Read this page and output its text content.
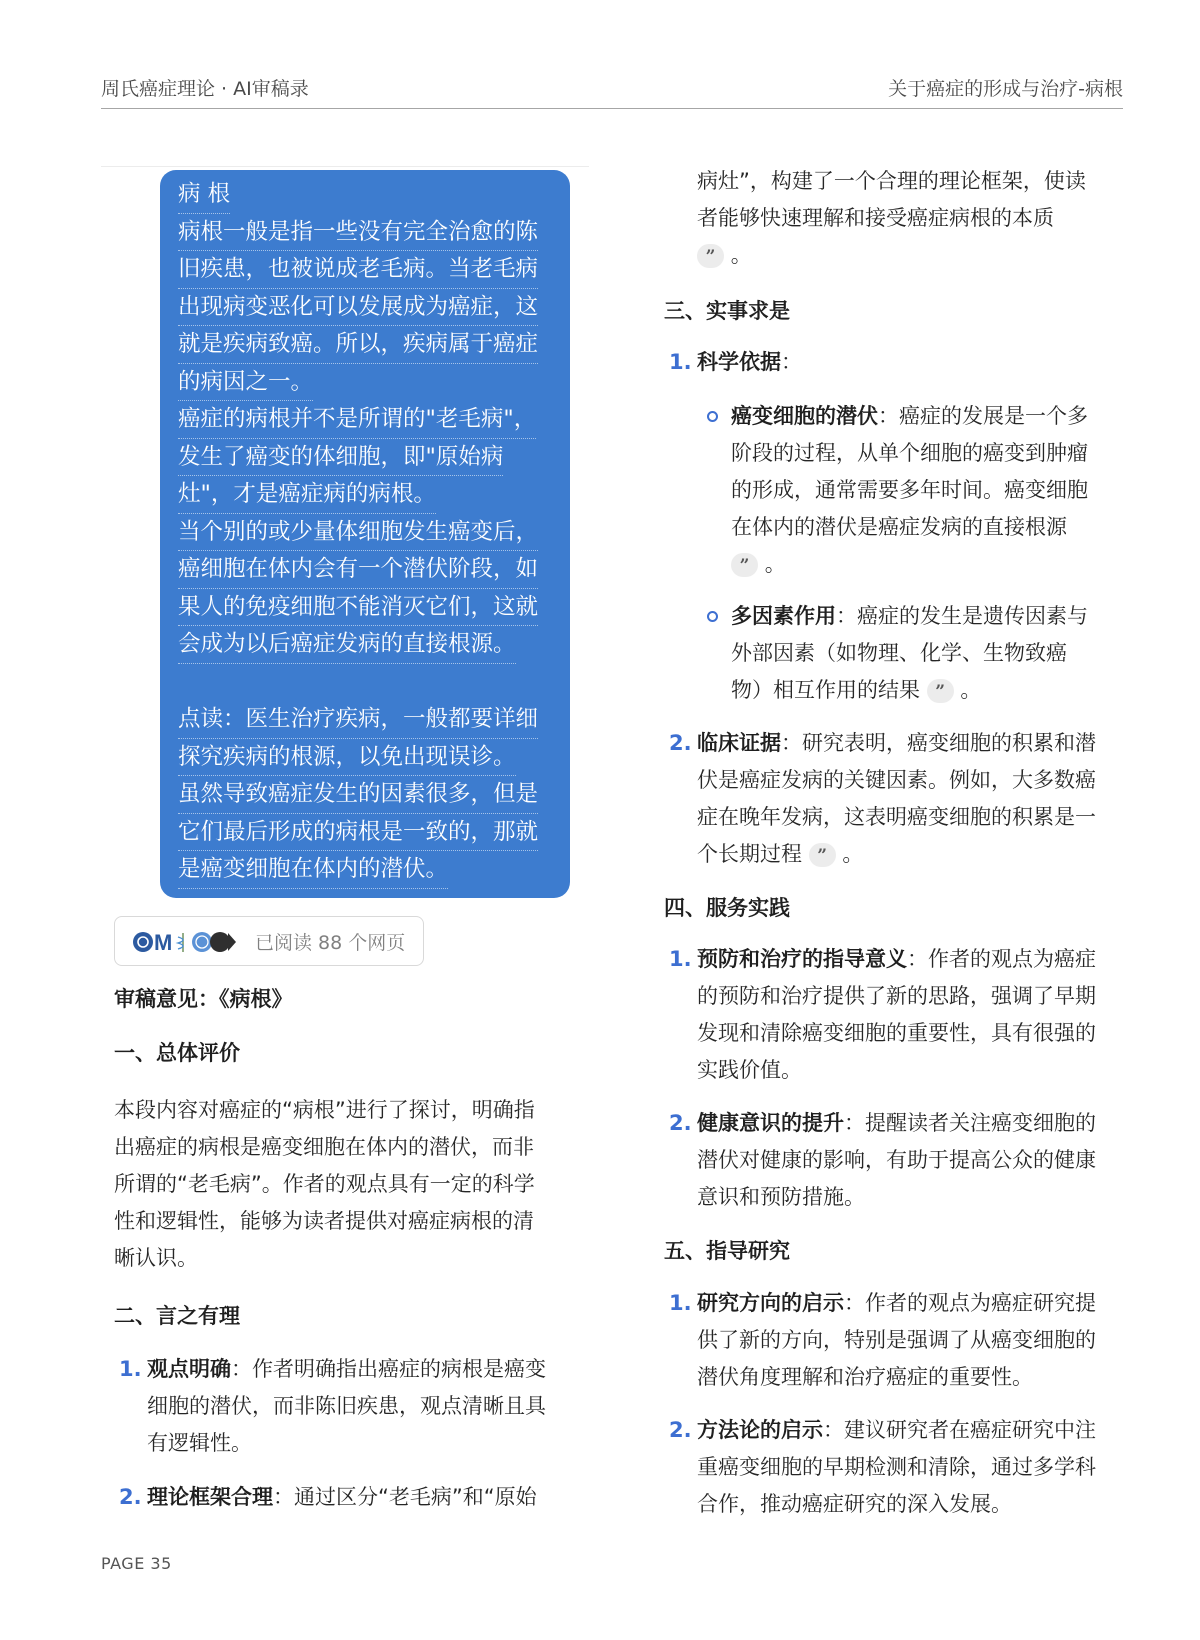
周氏癌症理论 · AI审稿录	关于癌症的形成与治疗-病根

病 根
病根一般是指一些没有完全治愈的陈
旧疾患，也被说成老毛病。当老毛病
出现病变恶化可以发展成为癌症，这
就是疾病致癌。所以，疾病属于癌症
的病因之一。
癌症的病根并不是所谓的"老毛病"，
发生了癌变的体细胞，即"原始病
灶"，才是癌症病的病根。
当个别的或少量体细胞发生癌变后，
癌细胞在体内会有一个潜伏阶段，如
果人的免疫细胞不能消灭它们，这就
会成为以后癌症发病的直接根源。
点读：医生治疗疾病，一般都要详细
探究疾病的根源，以免出现误诊。
虽然导致癌症发生的因素很多，但是
它们最后形成的病根是一致的，那就
是癌变细胞在体内的潜伏。

M	已阅读 88 个网页
审稿意见：《病根》
一、总体评价
本段内容对癌症的“病根”进行了探讨，明确指
出癌症的病根是癌变细胞在体内的潜伏，而非
所谓的“老毛病”。作者的观点具有一定的科学
性和逻辑性，能够为读者提供对癌症病根的清
晰认识。
二、言之有理
1. 观点明确：作者明确指出癌症的病根是癌变
细胞的潜伏，而非陈旧疾患，观点清晰且具
有逻辑性。
2. 理论框架合理：通过区分“老毛病”和“原始
病灶”，构建了一个合理的理论框架，使读
者能够快速理解和接受癌症病根的本质
” 。
三、实事求是
1. 科学依据：
癌变细胞的潜伏：癌症的发展是一个多
阶段的过程，从单个细胞的癌变到肿瘤
的形成，通常需要多年时间。癌变细胞
在体内的潜伏是癌症发病的直接根源
” 。
多因素作用：癌症的发生是遗传因素与
外部因素（如物理、化学、生物致癌
物）相互作用的结果 ” 。
2. 临床证据：研究表明，癌变细胞的积累和潜
伏是癌症发病的关键因素。例如，大多数癌
症在晚年发病，这表明癌变细胞的积累是一
个长期过程 ” 。
四、服务实践
1. 预防和治疗的指导意义：作者的观点为癌症
的预防和治疗提供了新的思路，强调了早期
发现和清除癌变细胞的重要性，具有很强的
实践价值。
2. 健康意识的提升：提醒读者关注癌变细胞的
潜伏对健康的影响，有助于提高公众的健康
意识和预防措施。
五、指导研究
1. 研究方向的启示：作者的观点为癌症研究提
供了新的方向，特别是强调了从癌变细胞的
潜伏角度理解和治疗癌症的重要性。
2. 方法论的启示：建议研究者在癌症研究中注
重癌变细胞的早期检测和清除，通过多学科
合作，推动癌症研究的深入发展。
PAGE 35
